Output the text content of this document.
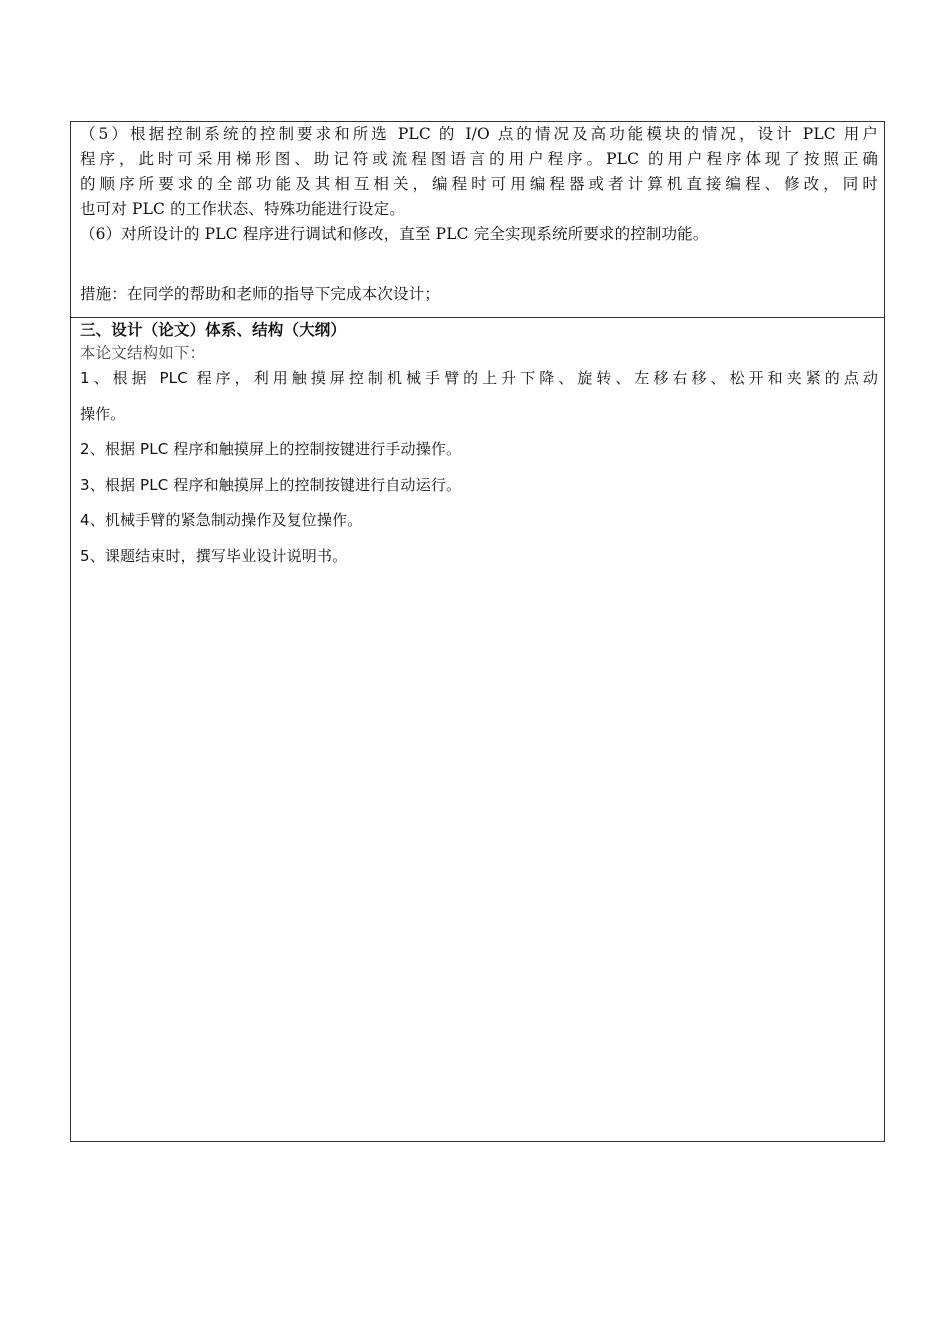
（5）根据控制系统的控制要求和所选 PLC 的 I/O 点的情况及高功能模块的情况，设计 PLC 用户
程序，此时可采用梯形图、助记符或流程图语言的用户程序。PLC 的用户程序体现了按照正确
的顺序所要求的全部功能及其相互相关，编程时可用编程器或者计算机直接编程、修改，同时
也可对 PLC 的工作状态、特殊功能进行设定。
（6）对所设计的 PLC 程序进行调试和修改，直至 PLC 完全实现系统所要求的控制功能。
措施：在同学的帮助和老师的指导下完成本次设计；
三、设计（论文）体系、结构（大纲）
本论文结构如下：
1、根据 PLC 程序，利用触摸屏控制机械手臂的上升下降、旋转、左移右移、松开和夹紧的点动
操作。
2、根据 PLC 程序和触摸屏上的控制按键进行手动操作。
3、根据 PLC 程序和触摸屏上的控制按键进行自动运行。
4、机械手臂的紧急制动操作及复位操作。
5、课题结束时，撰写毕业设计说明书。
